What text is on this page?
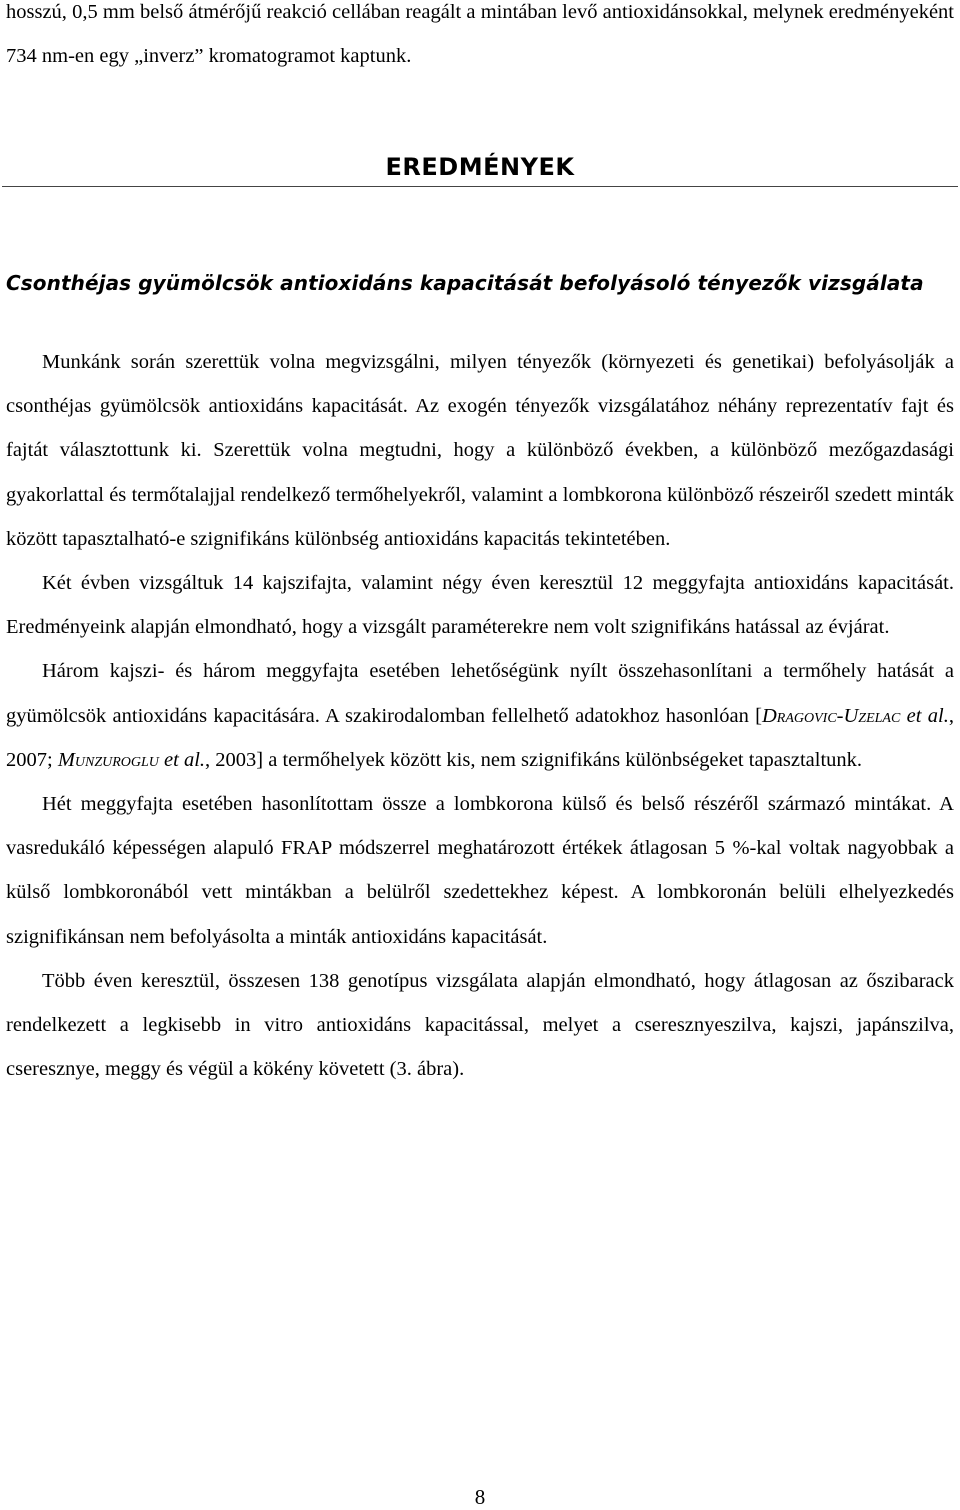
hosszú, 0,5 mm belső átmérőjű reakció cellában reagált a mintában levő antioxidánsokkal, melynek eredményeként 734 nm-en egy „inverz” kromatogramot kaptunk.

EREDMÉNYEK
Csonthéjas gyümölcsök antioxidáns kapacitását befolyásoló tényezők vizsgálata

Munkánk során szerettük volna megvizsgálni, milyen tényezők (környezeti és genetikai) befolyásolják a csonthéjas gyümölcsök antioxidáns kapacitását. Az exogén tényezők vizsgálatához néhány reprezentatív fajt és fajtát választottunk ki. Szerettük volna megtudni, hogy a különböző években, a különböző mezőgazdasági gyakorlattal és termőtalajjal rendelkező termőhelyekről, valamint a lombkorona különböző részeiről szedett minták között tapasztalható-e szignifikáns különbség antioxidáns kapacitás tekintetében.

Két évben vizsgáltuk 14 kajszifajta, valamint négy éven keresztül 12 meggyfajta antioxidáns kapacitását. Eredményeink alapján elmondható, hogy a vizsgált paraméterekre nem volt szignifikáns hatással az évjárat.

Három kajszi- és három meggyfajta esetében lehetőségünk nyílt összehasonlítani a termőhely hatását a gyümölcsök antioxidáns kapacitására. A szakirodalomban fellelhető adatokhoz hasonlóan [Dragovic-Uzelac et al., 2007; Munzuroglu et al., 2003] a termőhelyek között kis, nem szignifikáns különbségeket tapasztaltunk.

Hét meggyfajta esetében hasonlítottam össze a lombkorona külső és belső részéről származó mintákat. A vasredukáló képességen alapuló FRAP módszerrel meghatározott értékek átlagosan 5 %-kal voltak nagyobbak a külső lombkoronából vett mintákban a belülről szedettekhez képest. A lombkoronán belüli elhelyezkedés szignifikánsan nem befolyásolta a minták antioxidáns kapacitását.

Több éven keresztül, összesen 138 genotípus vizsgálata alapján elmondható, hogy átlagosan az őszibarack rendelkezett a legkisebb in vitro antioxidáns kapacitással, melyet a cseresznyeszilva, kajszi, japánszilva, cseresznye, meggy és végül a kökény követett (3. ábra).

8
